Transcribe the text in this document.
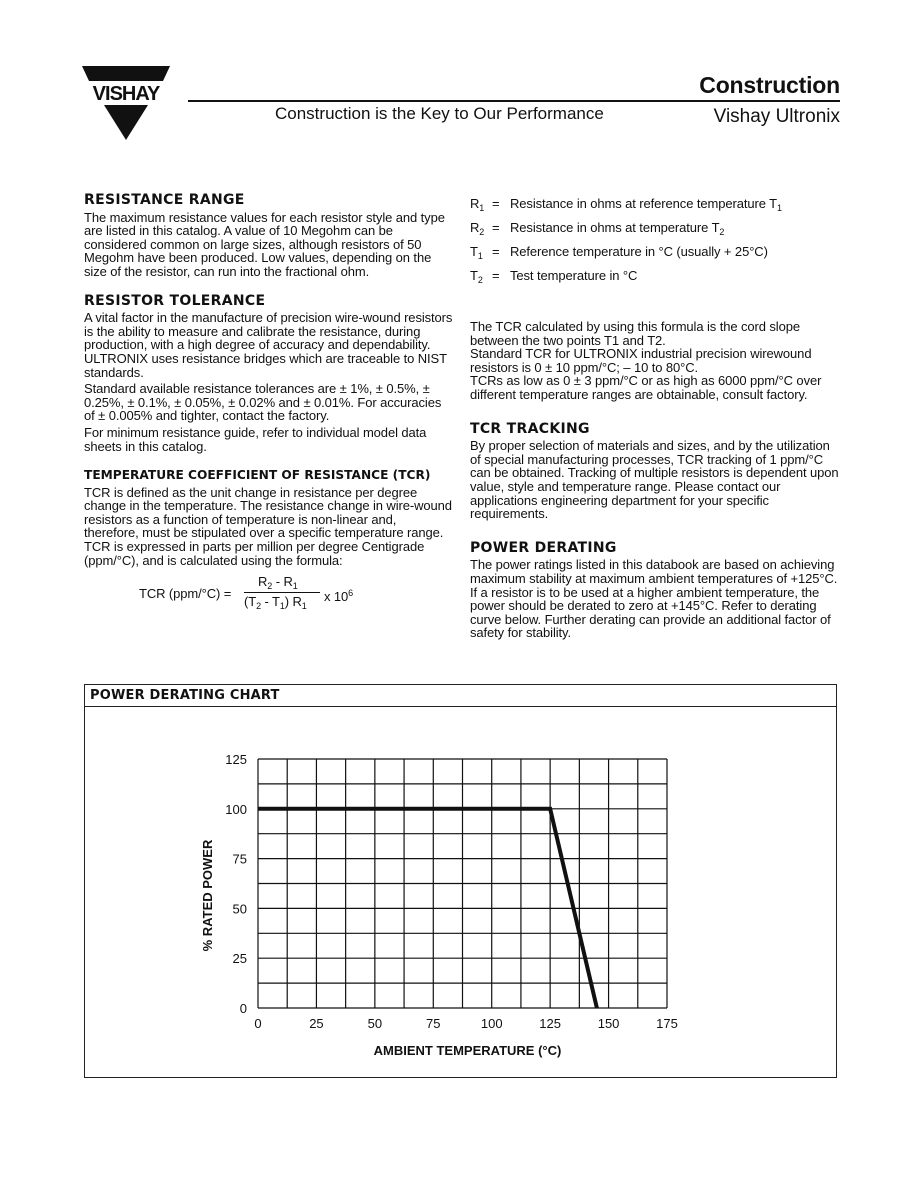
VISHAY	Construction
Construction is the Key to Our Performance	Vishay Ultronix
RESISTANCE RANGE

The maximum resistance values for each resistor style and type are listed in this catalog. A value of 10 Megohm can be considered common on large sizes, although resistors of 50 Megohm have been produced. Low values, depending on the size of the resistor, can run into the fractional ohm.

RESISTOR TOLERANCE

A vital factor in the manufacture of precision wire-wound resistors is the ability to measure and calibrate the resistance, during production, with a high degree of accuracy and dependability. ULTRONIX uses resistance bridges which are traceable to NIST standards.

Standard available resistance tolerances are ± 1%, ± 0.5%, ± 0.25%, ± 0.1%, ± 0.05%, ± 0.02% and ± 0.01%. For accuracies of ± 0.005% and tighter, contact the factory.

For minimum resistance guide, refer to individual model data sheets in this catalog.

TEMPERATURE COEFFICIENT OF RESISTANCE (TCR)

TCR is defined as the unit change in resistance per degree change in the temperature. The resistance change in wire-wound resistors as a function of temperature is non-linear and, therefore, must be stipulated over a specific temperature range. TCR is expressed in parts per million per degree Centigrade (ppm/°C), and is calculated using the formula:

TCR (ppm/°C) =
$R_2 - R_1$
$(T_2 - T_1)$ $R_1$
x $10^6$
$R_1$ = Resistance in ohms at reference temperature $T_1$
$R_2$ = Resistance in ohms at temperature $T_2$
$T_1$ = Reference temperature in °C (usually + 25°C)
$T_2$ = Test temperature in °C

The TCR calculated by using this formula is the cord slope between the two points T1 and T2.

Standard TCR for ULTRONIX industrial precision wirewound resistors is 0 ± 10 ppm/°C; – 10 to 80°C.

TCRs as low as 0 ± 3 ppm/°C or as high as 6000 ppm/°C over different temperature ranges are obtainable, consult factory.

TCR TRACKING

By proper selection of materials and sizes, and by the utilization of special manufacturing processes, TCR tracking of 1 ppm/°C can be obtained. Tracking of multiple resistors is dependent upon value, style and temperature range. Please contact our applications engineering department for your specific requirements.

POWER DERATING

The power ratings listed in this databook are based on achieving maximum stability at maximum ambient temperatures of +125°C. If a resistor is to be used at a higher ambient temperature, the power should be derated to zero at +145°C. Refer to derating curve below. Further derating can provide an additional factor of safety for stability.

POWER DERATING CHART
0
25
50
75
100
125
0	25	50	75	100	125	150	175
AMBIENT TEMPERATURE (°C)
% RATED POWER
